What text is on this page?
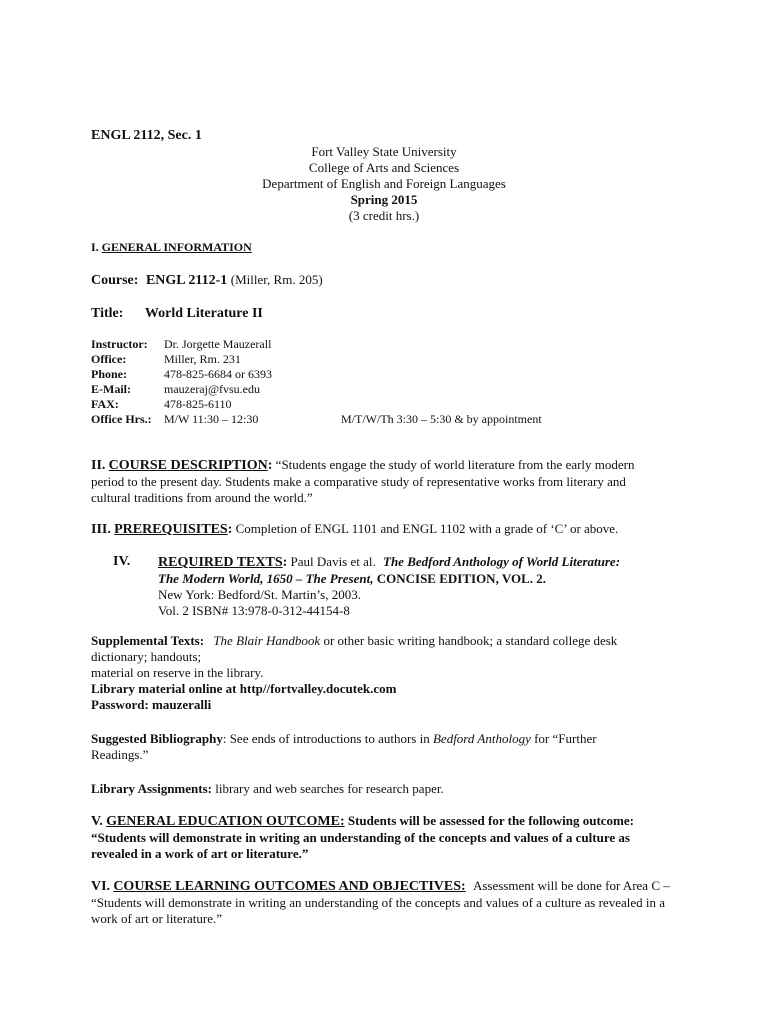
ENGL 2112, Sec. 1
Fort Valley State University
College of Arts and Sciences
Department of English and Foreign Languages
Spring 2015
(3 credit hrs.)
I. GENERAL INFORMATION
Course: ENGL 2112-1 (Miller, Rm. 205)
Title: World Literature II
Instructor: Dr. Jorgette Mauzerall
Office:	Miller, Rm. 231
Phone:	478-825-6684 or 6393
E-Mail:	mauzeraj@fvsu.edu
FAX:	478-825-6110
Office Hrs.: M/W 11:30 – 12:30	M/T/W/Th 3:30 – 5:30 & by appointment
II. COURSE DESCRIPTION: “Students engage the study of world literature from the early modern
period to the present day. Students make a comparative study of representative works from literary and
cultural traditions from around the world.”
III. PREREQUISITES: Completion of ENGL 1101 and ENGL 1102 with a grade of ‘C’ or above.
IV. REQUIRED TEXTS: Paul Davis et al. The Bedford Anthology of World Literature:
The Modern World, 1650 – The Present, CONCISE EDITION, VOL. 2.
New York: Bedford/St. Martin’s, 2003.
Vol. 2 ISBN# 13:978-0-312-44154-8
Supplemental Texts: The Blair Handbook or other basic writing handbook; a standard college desk
dictionary; handouts;
material on reserve in the library.
Library material online at http//fortvalley.docutek.com
Password: mauzeralli
Suggested Bibliography: See ends of introductions to authors in Bedford Anthology for “Further
Readings.”
Library Assignments: library and web searches for research paper.
V. GENERAL EDUCATION OUTCOME: Students will be assessed for the following outcome:
“Students will demonstrate in writing an understanding of the concepts and values of a culture as
revealed in a work of art or literature.”
VI. COURSE LEARNING OUTCOMES AND OBJECTIVES: Assessment will be done for Area C –
“Students will demonstrate in writing an understanding of the concepts and values of a culture as revealed in a
work of art or literature.”
